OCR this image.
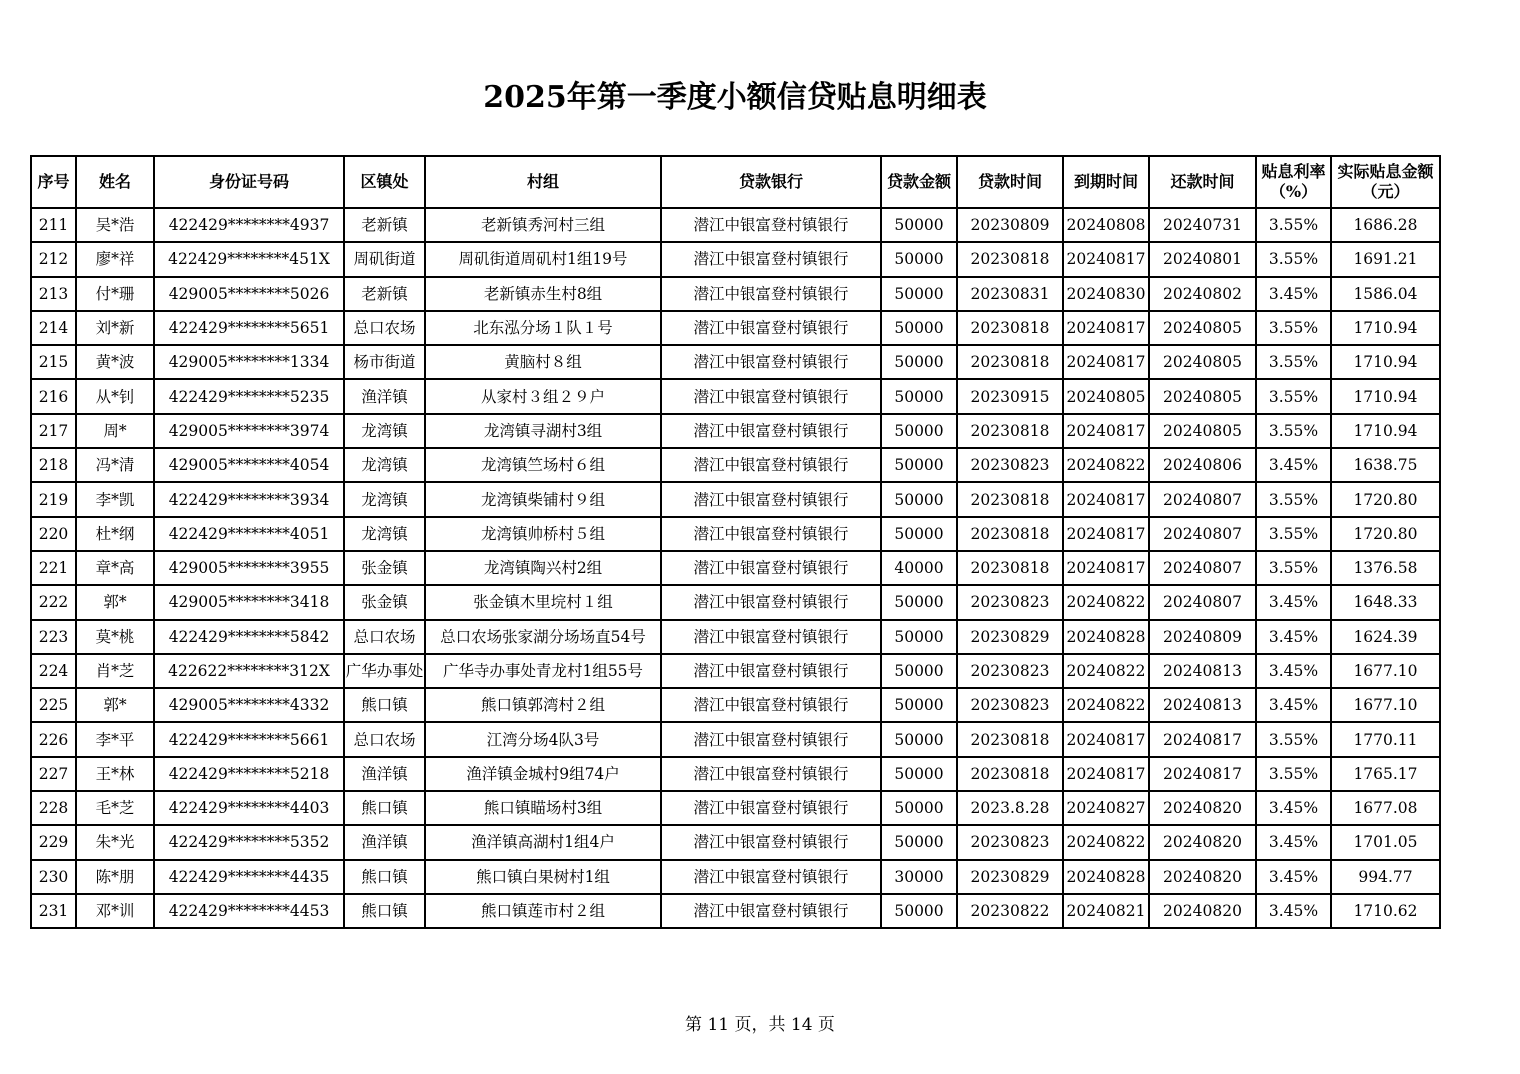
2025年第一季度小额信贷贴息明细表
序号	姓名	身份证号码	区镇处	村组	贷款银行	贷款金额	贷款时间	到期时间	还款时间	贴息利率（%）	实际贴息金额（元）
211	吴*浩	422429********4937	老新镇	老新镇秀河村三组	潜江中银富登村镇银行	50000	20230809	20240808	20240731	3.55%	1686.28
212	廖*祥	422429********451X	周矶街道	周矶街道周矶村1组19号	潜江中银富登村镇银行	50000	20230818	20240817	20240801	3.55%	1691.21
213	付*珊	429005********5026	老新镇	老新镇赤生村8组	潜江中银富登村镇银行	50000	20230831	20240830	20240802	3.45%	1586.04
214	刘*新	422429********5651	总口农场	北东泓分场１队１号	潜江中银富登村镇银行	50000	20230818	20240817	20240805	3.55%	1710.94
215	黄*波	429005********1334	杨市街道	黄脑村８组	潜江中银富登村镇银行	50000	20230818	20240817	20240805	3.55%	1710.94
216	从*钊	422429********5235	渔洋镇	从家村３组２９户	潜江中银富登村镇银行	50000	20230915	20240805	20240805	3.55%	1710.94
217	周*	429005********3974	龙湾镇	龙湾镇寻湖村3组	潜江中银富登村镇银行	50000	20230818	20240817	20240805	3.55%	1710.94
218	冯*清	429005********4054	龙湾镇	龙湾镇竺场村６组	潜江中银富登村镇银行	50000	20230823	20240822	20240806	3.45%	1638.75
219	李*凯	422429********3934	龙湾镇	龙湾镇柴铺村９组	潜江中银富登村镇银行	50000	20230818	20240817	20240807	3.55%	1720.80
220	杜*纲	422429********4051	龙湾镇	龙湾镇帅桥村５组	潜江中银富登村镇银行	50000	20230818	20240817	20240807	3.55%	1720.80
221	章*高	429005********3955	张金镇	龙湾镇陶兴村2组	潜江中银富登村镇银行	40000	20230818	20240817	20240807	3.55%	1376.58
222	郭*	429005********3418	张金镇	张金镇木里垸村１组	潜江中银富登村镇银行	50000	20230823	20240822	20240807	3.45%	1648.33
223	莫*桃	422429********5842	总口农场	总口农场张家湖分场场直54号	潜江中银富登村镇银行	50000	20230829	20240828	20240809	3.45%	1624.39
224	肖*芝	422622********312X	广华办事处	广华寺办事处青龙村1组55号	潜江中银富登村镇银行	50000	20230823	20240822	20240813	3.45%	1677.10
225	郭*	429005********4332	熊口镇	熊口镇郭湾村２组	潜江中银富登村镇银行	50000	20230823	20240822	20240813	3.45%	1677.10
226	李*平	422429********5661	总口农场	江湾分场4队3号	潜江中银富登村镇银行	50000	20230818	20240817	20240817	3.55%	1770.11
227	王*林	422429********5218	渔洋镇	渔洋镇金城村9组74户	潜江中银富登村镇银行	50000	20230818	20240817	20240817	3.55%	1765.17
228	毛*芝	422429********4403	熊口镇	熊口镇瞄场村3组	潜江中银富登村镇银行	50000	2023.8.28	20240827	20240820	3.45%	1677.08
229	朱*光	422429********5352	渔洋镇	渔洋镇高湖村1组4户	潜江中银富登村镇银行	50000	20230823	20240822	20240820	3.45%	1701.05
230	陈*朋	422429********4435	熊口镇	熊口镇白果树村1组	潜江中银富登村镇银行	30000	20230829	20240828	20240820	3.45%	994.77
231	邓*训	422429********4453	熊口镇	熊口镇莲市村２组	潜江中银富登村镇银行	50000	20230822	20240821	20240820	3.45%	1710.62
第 11 页，共 14 页
